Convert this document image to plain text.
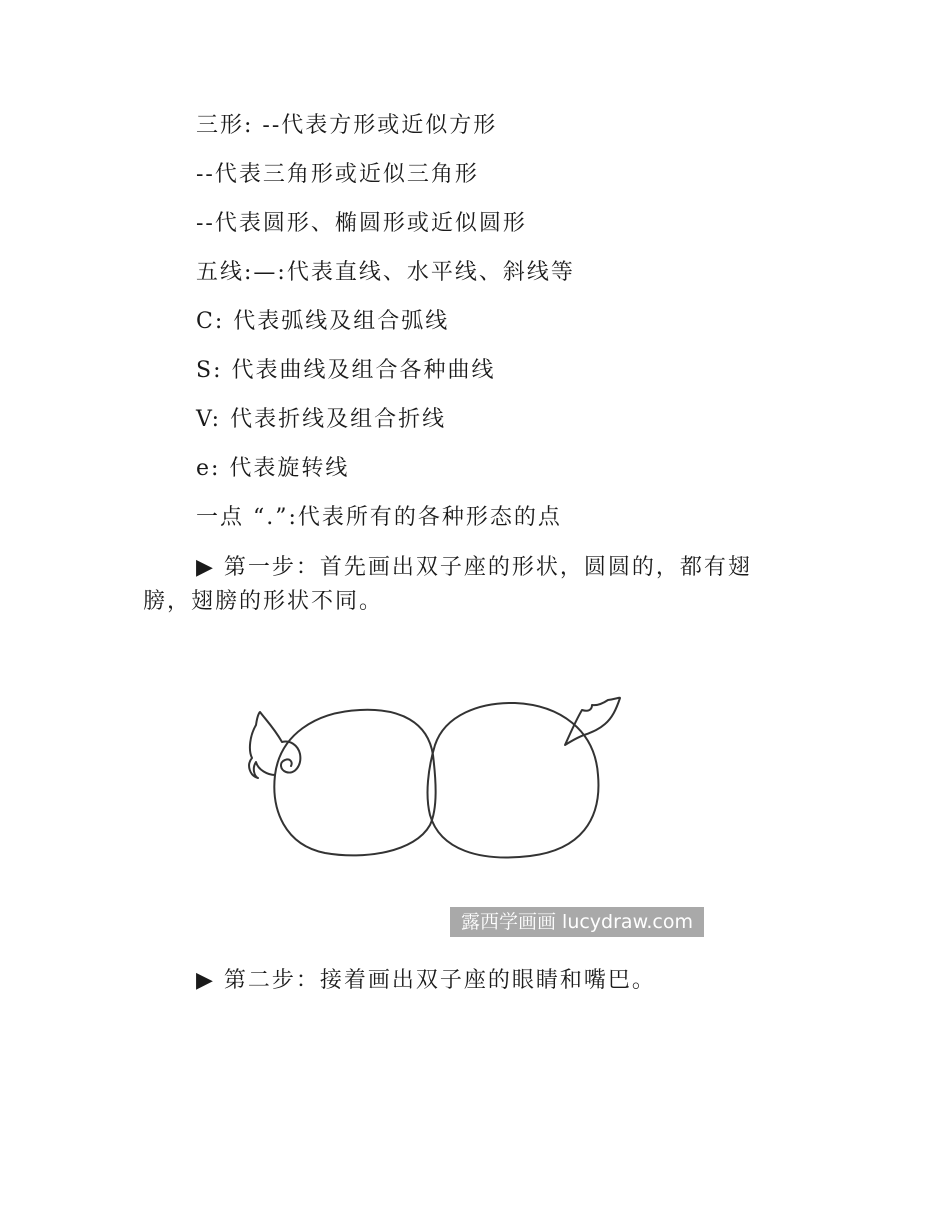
三形: --代表方形或近似方形
--代表三角形或近似三角形
--代表圆形、椭圆形或近似圆形
五线:—:代表直线、水平线、斜线等
C: 代表弧线及组合弧线
S: 代表曲线及组合各种曲线
V: 代表折线及组合折线
e: 代表旋转线
一点 “.”:代表所有的各种形态的点
▶ 第一步：首先画出双子座的形状，圆圆的，都有翅膀，翅膀的形状不同。
露西学画画 lucydraw.com
▶ 第二步：接着画出双子座的眼睛和嘴巴。
